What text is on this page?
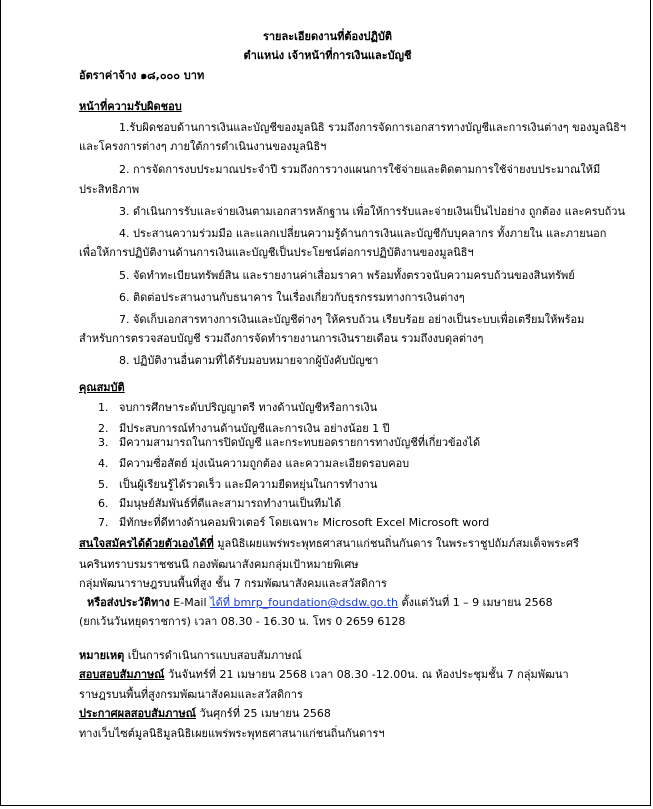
รายละเอียดงานที่ต้องปฏิบัติ
ตำแหน่ง เจ้าหน้าที่การเงินและบัญชี
อัตราค่าจ้าง ๑๘,๐๐๐ บาท
หน้าที่ความรับผิดชอบ
1.รับผิดชอบด้านการเงินและบัญชีของมูลนิธิ รวมถึงการจัดการเอกสารทางบัญชีและการเงินต่างๆ ของมูลนิธิฯ
และโครงการต่างๆ ภายใต้การดำเนินงานของมูลนิธิฯ
2. การจัดการงบประมาณประจำปี รวมถึงการวางแผนการใช้จ่ายและติดตามการใช้จ่ายงบประมาณให้มี
ประสิทธิภาพ
3. ดำเนินการรับและจ่ายเงินตามเอกสารหลักฐาน เพื่อให้การรับและจ่ายเงินเป็นไปอย่าง ถูกต้อง และครบถ้วน
4. ประสานความร่วมมือ และแลกเปลี่ยนความรู้ด้านการเงินและบัญชีกับบุคลากร ทั้งภายใน และภายนอก
เพื่อให้การปฏิบัติงานด้านการเงินและบัญชีเป็นประโยชน์ต่อการปฏิบัติงานของมูลนิธิฯ
5. จัดทำทะเบียนทรัพย์สิน และรายงานค่าเสื่อมราคา พร้อมทั้งตรวจนับความครบถ้วนของสินทรัพย์
6. ติดต่อประสานงานกับธนาคาร ในเรื่องเกี่ยวกับธุรกรรมทางการเงินต่างๆ
7. จัดเก็บเอกสารทางการเงินและบัญชีต่างๆ ให้ครบถ้วน เรียบร้อย อย่างเป็นระบบเพื่อเตรียมให้พร้อม
สำหรับการตรวจสอบบัญชี รวมถึงการจัดทำรายงานการเงินรายเดือน รวมถึงงบดุลต่างๆ
8. ปฏิบัติงานอื่นตามที่ได้รับมอบหมายจากผู้บังคับบัญชา
คุณสมบัติ
1. จบการศึกษาระดับปริญญาตรี ทางด้านบัญชีหรือการเงิน
2. มีประสบการณ์ทำงานด้านบัญชีและการเงิน อย่างน้อย 1 ปี
3. มีความสามารถในการปิดบัญชี และกระทบยอดรายการทางบัญชีที่เกี่ยวข้องได้
4. มีความซื่อสัตย์ มุ่งเน้นความถูกต้อง และความละเอียดรอบคอบ
5. เป็นผู้เรียนรู้ได้รวดเร็ว และมีความยืดหยุ่นในการทำงาน
6. มีมนุษย์สัมพันธ์ที่ดีและสามารถทำงานเป็นทีมได้
7. มีทักษะที่ดีทางด้านคอมพิวเตอร์ โดยเฉพาะ Microsoft Excel Microsoft word
สนใจสมัครได้ด้วยตัวเองได้ที่ มูลนิธิเผยแพร่พระพุทธศาสนาแก่ชนถิ่นกันดาร ในพระราชูปถัมภ์สมเด็จพระศรี
นครินทราบรมราชชนนี กองพัฒนาสังคมกลุ่มเป้าหมายพิเศษ
กลุ่มพัฒนาราษฎรบนพื้นที่สูง ชั้น 7 กรมพัฒนาสังคมและสวัสดิการ
หรือส่งประวัติทาง E-Mail ได้ที่ bmrp_foundation@dsdw.go.th ตั้งแต่วันที่ 1 – 9 เมษายน 2568
(ยกเว้นวันหยุดราชการ) เวลา 08.30 - 16.30 น. โทร 0 2659 6128
หมายเหตุ เป็นการดำเนินการแบบสอบสัมภาษณ์
สอบสอบสัมภาษณ์ วันจันทร์ที่ 21 เมษายน 2568 เวลา 08.30 -12.00น. ณ ห้องประชุมชั้น 7 กลุ่มพัฒนา
ราษฎรบนพื้นที่สูงกรมพัฒนาสังคมและสวัสดิการ
ประกาศผลสอบสัมภาษณ์ วันศุกร์ที่ 25 เมษายน 2568
ทางเว็บไซต์มูลนิธิมูลนิธิเผยแพร่พระพุทธศาสนาแก่ชนถิ่นกันดารฯ
